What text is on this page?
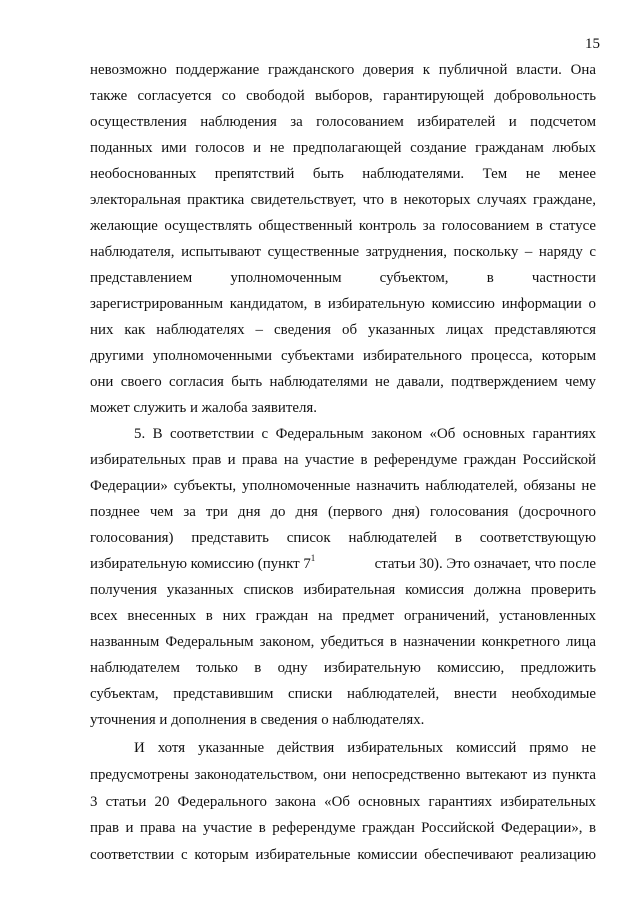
15
невозможно поддержание гражданского доверия к публичной власти. Она
также согласуется со свободой выборов, гарантирующей добровольность
осуществления наблюдения за голосованием избирателей и подсчетом
поданных ими голосов и не предполагающей создание гражданам любых
необоснованных препятствий быть наблюдателями. Тем не менее
электоральная практика свидетельствует, что в некоторых случаях граждане,
желающие осуществлять общественный контроль за голосованием в статусе
наблюдателя, испытывают существенные затруднения, поскольку – наряду с
представлением уполномоченным субъектом, в частности
зарегистрированным кандидатом, в избирательную комиссию информации о
них как наблюдателях – сведения об указанных лицах представляются
другими уполномоченными субъектами избирательного процесса, которым
они своего согласия быть наблюдателями не давали, подтверждением чему
может служить и жалоба заявителя.
5. В соответствии с Федеральным законом «Об основных гарантиях
избирательных прав и права на участие в референдуме граждан Российской
Федерации» субъекты, уполномоченные назначить наблюдателей, обязаны не
позднее чем за три дня до дня (первого дня) голосования (досрочного
голосования) представить список наблюдателей в соответствующую
избирательную комиссию (пункт $7^1$	статьи 30). Это означает, что после
получения указанных списков избирательная комиссия должна проверить
всех внесенных в них граждан на предмет ограничений, установленных
названным Федеральным законом, убедиться в назначении конкретного лица
наблюдателем только в одну избирательную комиссию, предложить
субъектам, представившим списки наблюдателей, внести необходимые
уточнения и дополнения в сведения о наблюдателях.
И хотя указанные действия избирательных комиссий прямо не
предусмотрены законодательством, они непосредственно вытекают из пункта
3 статьи 20 Федерального закона «Об основных гарантиях избирательных
прав и права на участие в референдуме граждан Российской Федерации», в
соответствии с которым избирательные комиссии обеспечивают реализацию
